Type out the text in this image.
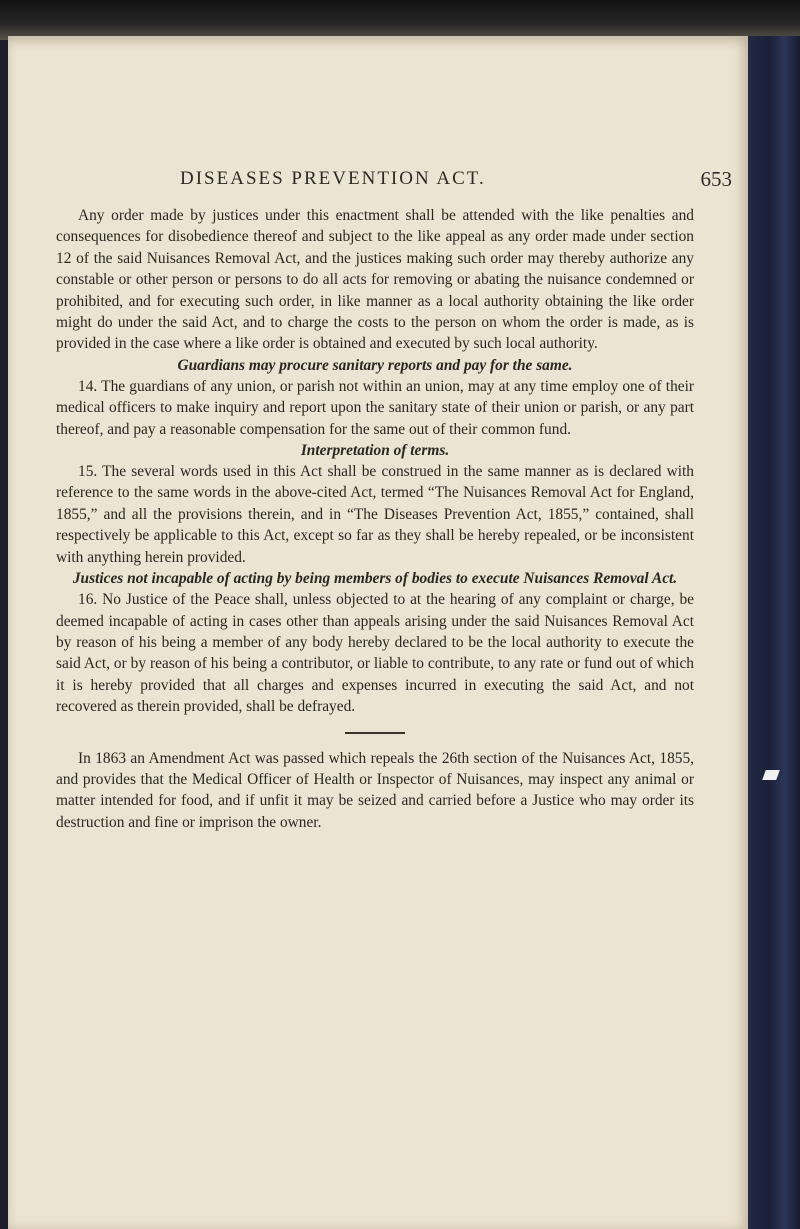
DISEASES PREVENTION ACT.	653

Any order made by justices under this enactment shall be attended with the like penalties and consequences for disobedience thereof and subject to the like appeal as any order made under section 12 of the said Nuisances Removal Act, and the justices making such order may thereby authorize any constable or other person or persons to do all acts for removing or abating the nuisance condemned or prohibited, and for executing such order, in like manner as a local authority obtaining the like order might do under the said Act, and to charge the costs to the person on whom the order is made, as is provided in the case where a like order is obtained and executed by such local authority.

Guardians may procure sanitary reports and pay for the same.

14. The guardians of any union, or parish not within an union, may at any time employ one of their medical officers to make inquiry and report upon the sanitary state of their union or parish, or any part thereof, and pay a reasonable compensation for the same out of their common fund.

Interpretation of terms.

15. The several words used in this Act shall be construed in the same manner as is declared with reference to the same words in the above-cited Act, termed “The Nuisances Removal Act for England, 1855,” and all the provisions therein, and in “The Diseases Prevention Act, 1855,” contained, shall respectively be applicable to this Act, except so far as they shall be hereby repealed, or be inconsistent with anything herein provided.

Justices not incapable of acting by being members of bodies to execute Nuisances Removal Act.

16. No Justice of the Peace shall, unless objected to at the hearing of any complaint or charge, be deemed incapable of acting in cases other than appeals arising under the said Nuisances Removal Act by reason of his being a member of any body hereby declared to be the local authority to execute the said Act, or by reason of his being a contributor, or liable to contribute, to any rate or fund out of which it is hereby provided that all charges and expenses incurred in executing the said Act, and not recovered as therein provided, shall be defrayed.

In 1863 an Amendment Act was passed which repeals the 26th section of the Nuisances Act, 1855, and provides that the Medical Officer of Health or Inspector of Nuisances, may inspect any animal or matter intended for food, and if unfit it may be seized and carried before a Justice who may order its destruction and fine or imprison the owner.
